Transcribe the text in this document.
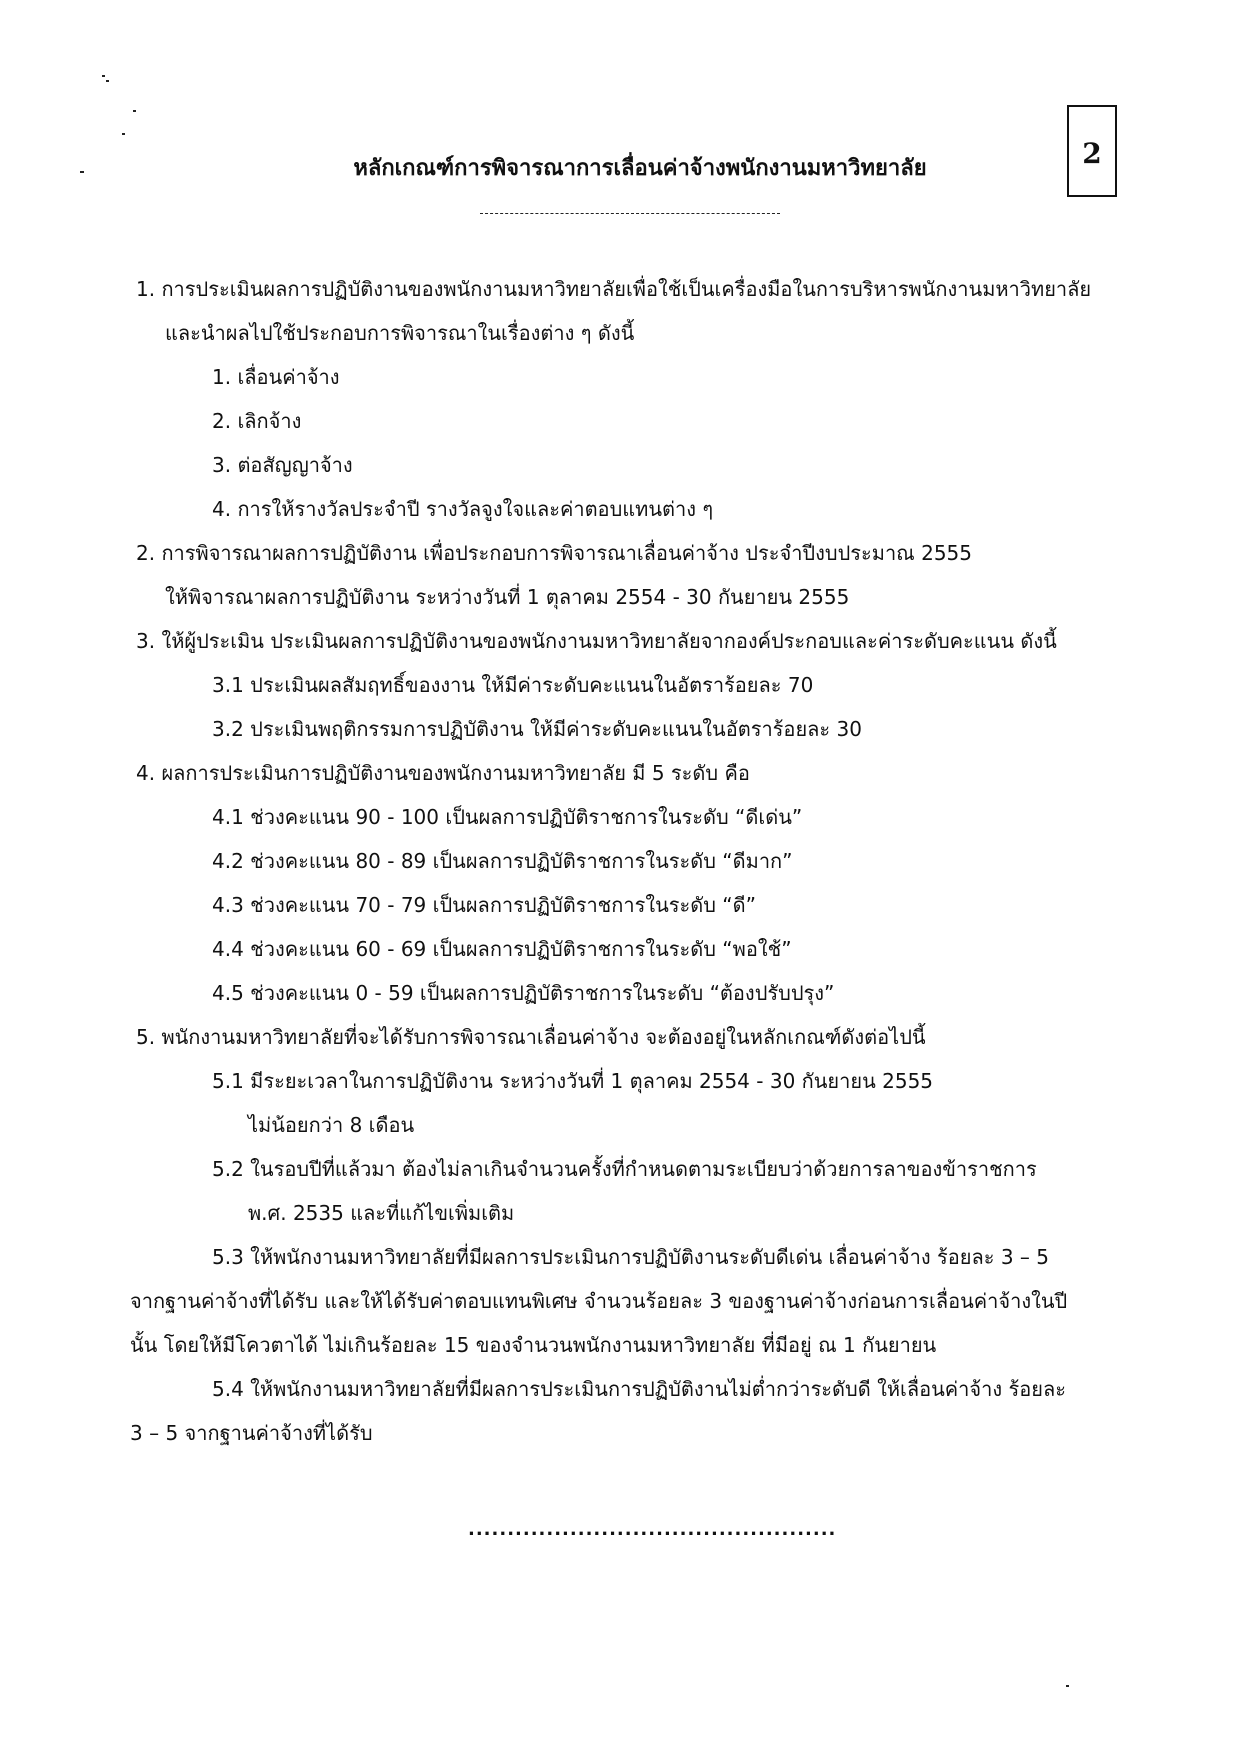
2
หลักเกณฑ์การพิจารณาการเลื่อนค่าจ้างพนักงานมหาวิทยาลัย
1. การประเมินผลการปฏิบัติงานของพนักงานมหาวิทยาลัยเพื่อใช้เป็นเครื่องมือในการบริหารพนักงานมหาวิทยาลัย
และนำผลไปใช้ประกอบการพิจารณาในเรื่องต่าง ๆ ดังนี้
1. เลื่อนค่าจ้าง
2. เลิกจ้าง
3. ต่อสัญญาจ้าง
4. การให้รางวัลประจำปี รางวัลจูงใจและค่าตอบแทนต่าง ๆ
2. การพิจารณาผลการปฏิบัติงาน เพื่อประกอบการพิจารณาเลื่อนค่าจ้าง ประจำปีงบประมาณ 2555
ให้พิจารณาผลการปฏิบัติงาน ระหว่างวันที่ 1 ตุลาคม 2554 - 30 กันยายน 2555
3. ให้ผู้ประเมิน ประเมินผลการปฏิบัติงานของพนักงานมหาวิทยาลัยจากองค์ประกอบและค่าระดับคะแนน ดังนี้
3.1 ประเมินผลสัมฤทธิ์ของงาน ให้มีค่าระดับคะแนนในอัตราร้อยละ 70
3.2 ประเมินพฤติกรรมการปฏิบัติงาน ให้มีค่าระดับคะแนนในอัตราร้อยละ 30
4. ผลการประเมินการปฏิบัติงานของพนักงานมหาวิทยาลัย มี 5 ระดับ คือ
4.1 ช่วงคะแนน 90 - 100 เป็นผลการปฏิบัติราชการในระดับ “ดีเด่น”
4.2 ช่วงคะแนน 80 - 89 เป็นผลการปฏิบัติราชการในระดับ “ดีมาก”
4.3 ช่วงคะแนน 70 - 79 เป็นผลการปฏิบัติราชการในระดับ “ดี”
4.4 ช่วงคะแนน 60 - 69 เป็นผลการปฏิบัติราชการในระดับ “พอใช้”
4.5 ช่วงคะแนน 0 - 59 เป็นผลการปฏิบัติราชการในระดับ “ต้องปรับปรุง”
5. พนักงานมหาวิทยาลัยที่จะได้รับการพิจารณาเลื่อนค่าจ้าง จะต้องอยู่ในหลักเกณฑ์ดังต่อไปนี้
5.1 มีระยะเวลาในการปฏิบัติงาน ระหว่างวันที่ 1 ตุลาคม 2554 - 30 กันยายน 2555
ไม่น้อยกว่า 8 เดือน
5.2 ในรอบปีที่แล้วมา ต้องไม่ลาเกินจำนวนครั้งที่กำหนดตามระเบียบว่าด้วยการลาของข้าราชการ
พ.ศ. 2535 และที่แก้ไขเพิ่มเติม
5.3 ให้พนักงานมหาวิทยาลัยที่มีผลการประเมินการปฏิบัติงานระดับดีเด่น เลื่อนค่าจ้าง ร้อยละ 3 – 5
จากฐานค่าจ้างที่ได้รับ และให้ได้รับค่าตอบแทนพิเศษ จำนวนร้อยละ 3 ของฐานค่าจ้างก่อนการเลื่อนค่าจ้างในปี
นั้น โดยให้มีโควตาได้ ไม่เกินร้อยละ 15 ของจำนวนพนักงานมหาวิทยาลัย ที่มีอยู่ ณ 1 กันยายน
5.4 ให้พนักงานมหาวิทยาลัยที่มีผลการประเมินการปฏิบัติงานไม่ต่ำกว่าระดับดี ให้เลื่อนค่าจ้าง ร้อยละ
3 – 5 จากฐานค่าจ้างที่ได้รับ
...............................................
